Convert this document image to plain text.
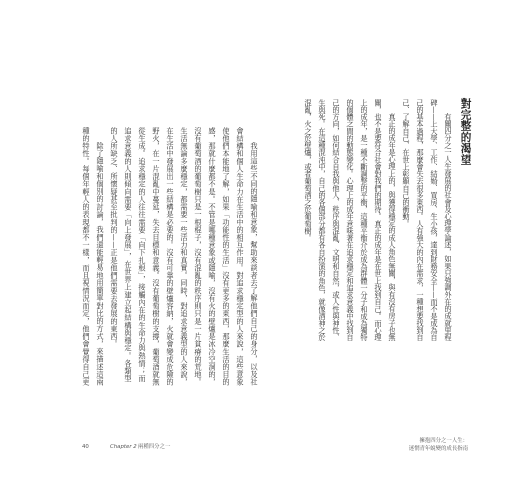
我用這些不同的隱喻和意象，幫助來談者去了解他們自己的身分，以及社
會結構和個人生命力在生活中的相互作用。對追求穩定型的人來說，這些意象
使他們本能地了解，如果「功能性的生活」沒有更多的東西，那麼生活的目的
感，那就什麼都不是。不管是哪種意象或隱喻，沒有火的壁爐是冰冷空洞的，
沒有葡萄酒的葡萄樹只是一根棍子，沒有混亂的秩序則只是一片貧瘠的荒地。
生活無論多麼穩定，都需要一些活力和真實。同時，對追求意義型的人來說，
在生活中發展出一些結構是必要的。沒有可靠的壁爐容納，火就會變成危險的
野火，在一片混亂中蔓延，失去目標和意義。沒有葡萄樹的支撐，葡萄酒就無
從生成。追求穩定的人往往需要「向下扎根」，接觸內在的生命力與熱情；而
追求意義的人則傾向需要「向上發展」，在世界上建立起結構與穩定。各類型
的人所缺乏、所懷疑甚至批判的——正是他們需要去發展的東西。
除了隱喻和個別的討論，我們還能輕易地用簡單對比的方式，來描述這兩
種的特性。每個年輕人的表現都不一樣，而且視情況而定，他們會覺得自己更	對完整的渴望
有關四分之一人生發展的社會及心理學論述，如果只強調外在的成就里程
碑——上大學、工作、結婚、買房、生小孩，達到財務安全——而不是成為自
己的基本過程，那麼會失去很多東西。人有強大的內在需求，一種想要找到自
己、了解自己、在世上彰顯自己的衝動。
真正的成年是心理上的，與獲得穩定的成人角色無關，與有沒有房子也無
關，也不是要符合社會對我們的期待。真正的成年是在世上找到自己。而心理
上的成年，是一種不斷調整的平衡，這種平衡介於成為群體一分子和成為獨特
的個體之間的動態變化。心理上的成年意味著在追求穩定和追求意義中找到自
己的方向，如何結合自我與他人、秩序與混亂、文明和自然，或人性與神性、
生與死。在這種混沌中，自己的各個部分都有各自扮演的角色，就像酒神之於
混亂，火之於壁爐，或者葡萄酒之於葡萄樹。
40	Chapter 2 兩種四分之一
擁抱四分之一人生：
迷惘青年蛻變的成長指南
